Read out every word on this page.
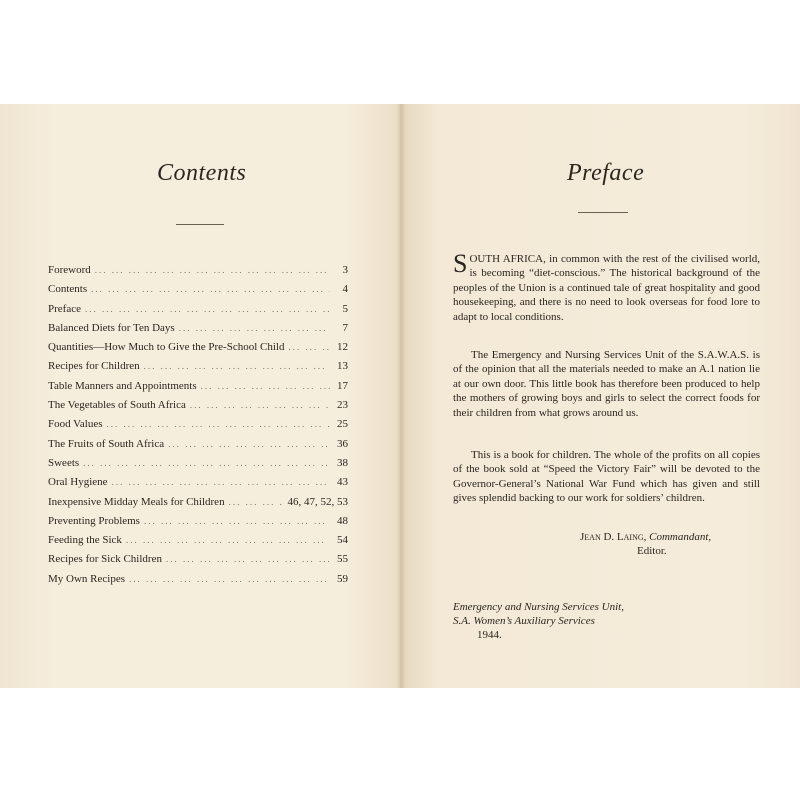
Contents
Foreword ... .	3
Contents ... .	4
Preface ... .	5
Balanced Diets for Ten Days ... .	7
Quantities—How Much to Give the Pre-School Child ... .	12
Recipes for Children ... .	13
Table Manners and Appointments ... .	17
The Vegetables of South Africa ... .	23
Food Values ... .	25
The Fruits of South Africa ... .	36
Sweets ... .	38
Oral Hygiene ... .	43
Inexpensive Midday Meals for Children ... .	46, 47, 52, 53
Preventing Problems ... .	48
Feeding the Sick ... .	54
Recipes for Sick Children ... .	55
My Own Recipes ... .	59
Preface
SOUTH AFRICA, in common with the rest of the civilised world, is becoming “diet-conscious.” The historical background of the peoples of the Union is a continued tale of great hospitality and good housekeeping, and there is no need to look overseas for food lore to adapt to local conditions.
The Emergency and Nursing Services Unit of the S.A.W.A.S. is of the opinion that all the materials needed to make an A.1 nation lie at our own door. This little book has therefore been produced to help the mothers of growing boys and girls to select the correct foods for their children from what grows around us.
This is a book for children. The whole of the profits on all copies of the book sold at “Speed the Victory Fair” will be devoted to the Governor-General’s National War Fund which has given and still gives splendid backing to our work for soldiers’ children.
Jean D. Laing, Commandant,
Editor.
Emergency and Nursing Services Unit,
S.A. Women’s Auxiliary Services
1944.
